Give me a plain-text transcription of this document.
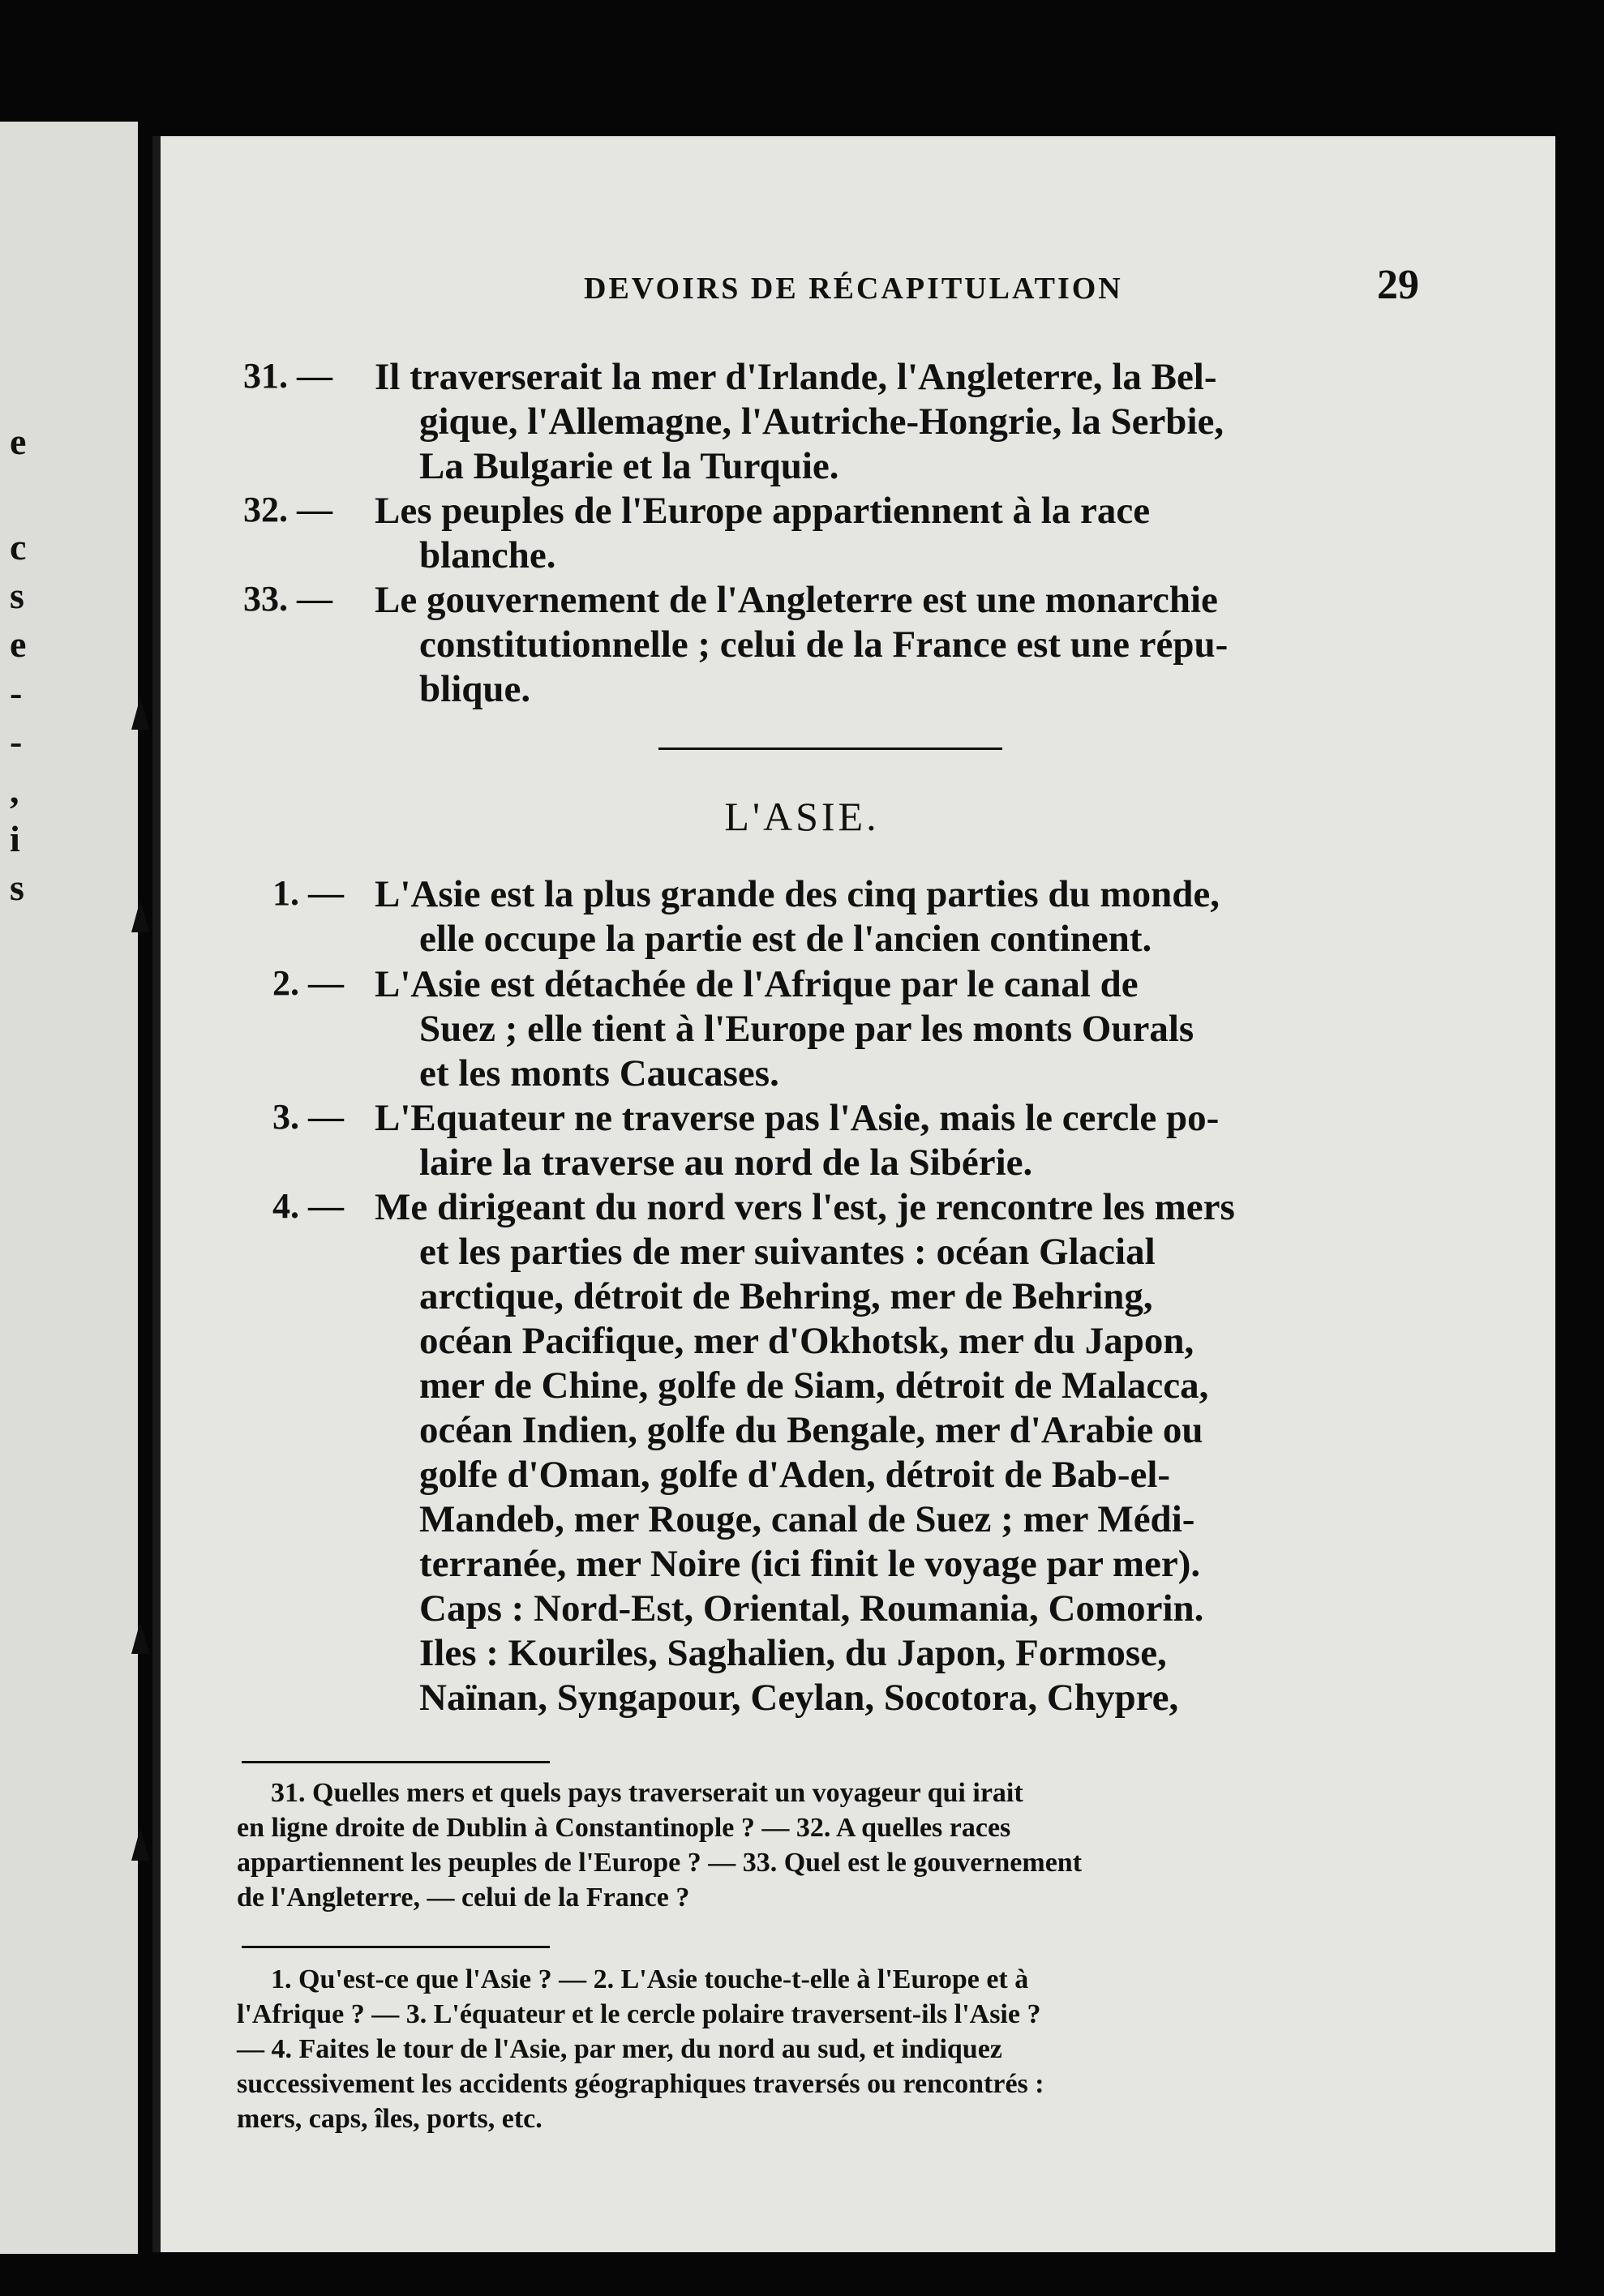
e
c
s
e
-
-
,
i
s
DEVOIRS DE RÉCAPITULATION	29
31. — Il traverserait la mer d'Irlande, l'Angleterre, la Bel-
gique, l'Allemagne, l'Autriche-Hongrie, la Serbie,
La Bulgarie et la Turquie.
32. — Les peuples de l'Europe appartiennent à la race
blanche.
33. — Le gouvernement de l'Angleterre est une monarchie
constitutionnelle ; celui de la France est une répu-
blique.
L'ASIE.
1. — L'Asie est la plus grande des cinq parties du monde,
elle occupe la partie est de l'ancien continent.
2. — L'Asie est détachée de l'Afrique par le canal de
Suez ; elle tient à l'Europe par les monts Ourals
et les monts Caucases.
3. — L'Equateur ne traverse pas l'Asie, mais le cercle po-
laire la traverse au nord de la Sibérie.
4. — Me dirigeant du nord vers l'est, je rencontre les mers
et les parties de mer suivantes : océan Glacial
arctique, détroit de Behring, mer de Behring,
océan Pacifique, mer d'Okhotsk, mer du Japon,
mer de Chine, golfe de Siam, détroit de Malacca,
océan Indien, golfe du Bengale, mer d'Arabie ou
golfe d'Oman, golfe d'Aden, détroit de Bab-el-
Mandeb, mer Rouge, canal de Suez ; mer Médi-
terranée, mer Noire (ici finit le voyage par mer).
Caps : Nord-Est, Oriental, Roumania, Comorin.
Iles : Kouriles, Saghalien, du Japon, Formose,
Naïnan, Syngapour, Ceylan, Socotora, Chypre,
31. Quelles mers et quels pays traverserait un voyageur qui irait
en ligne droite de Dublin à Constantinople ? — 32. A quelles races
appartiennent les peuples de l'Europe ? — 33. Quel est le gouvernement
de l'Angleterre, — celui de la France ?
1. Qu'est-ce que l'Asie ? — 2. L'Asie touche-t-elle à l'Europe et à
l'Afrique ? — 3. L'équateur et le cercle polaire traversent-ils l'Asie ?
— 4. Faites le tour de l'Asie, par mer, du nord au sud, et indiquez
successivement les accidents géographiques traversés ou rencontrés :
mers, caps, îles, ports, etc.
